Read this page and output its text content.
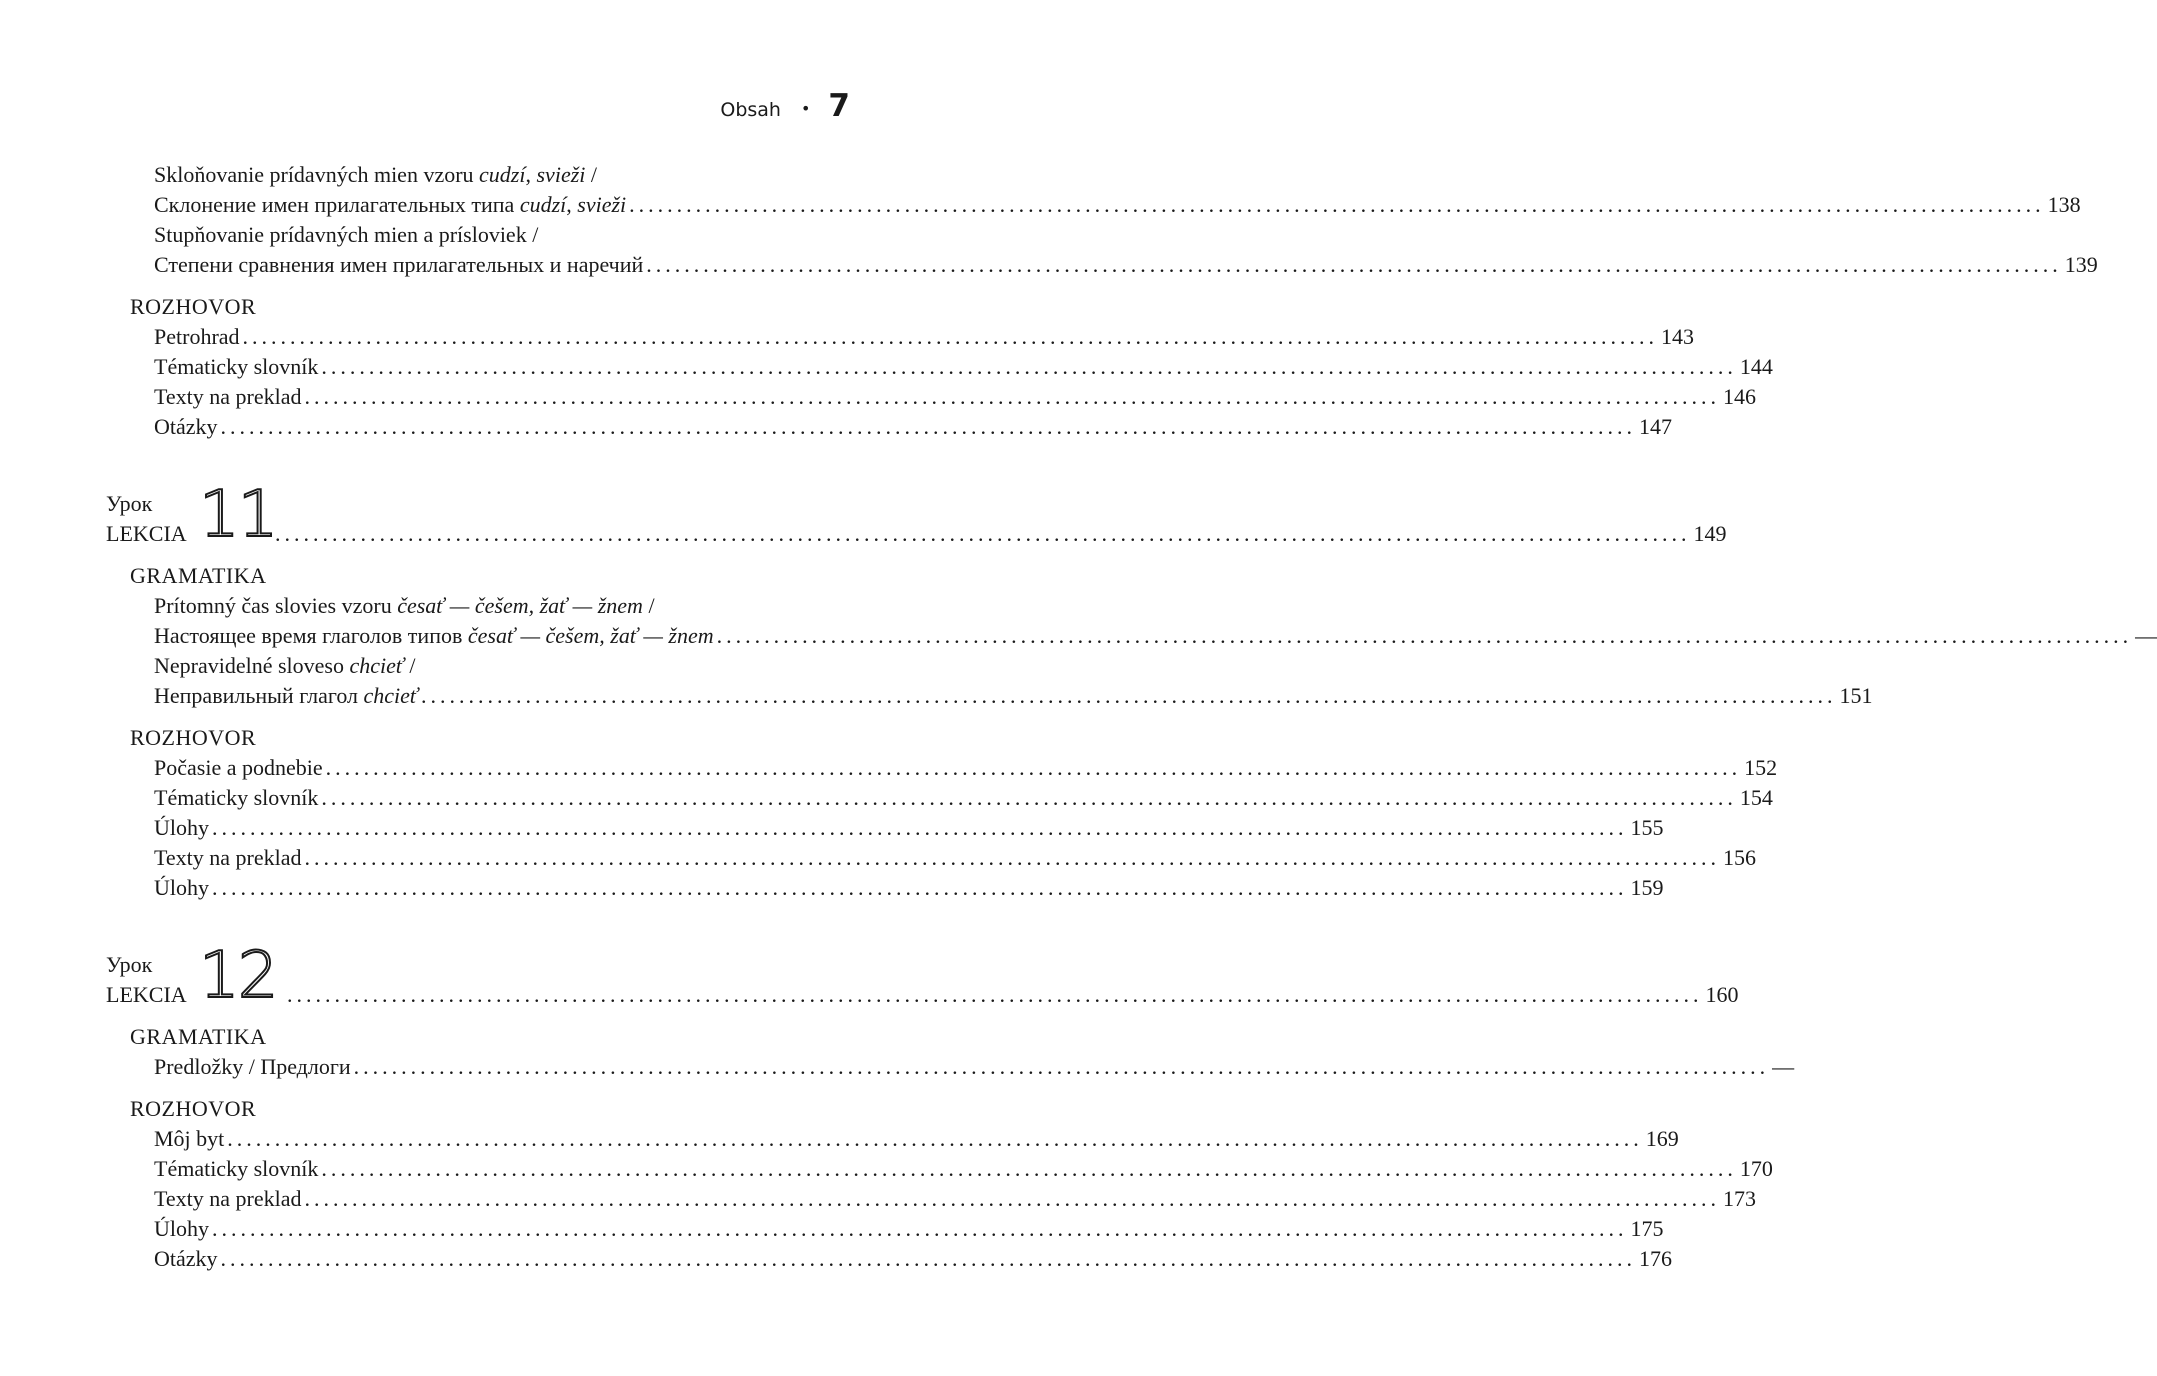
Obsah • 7
Skloňovanie prídavných mien vzoru cudzí, svieži /
Склонение имен прилагательных типа cudzí, svieži ..................................................................................................................................................... 138
Stupňovanie prídavných mien a prísloviek /
Степени сравнения имен прилагательных и наречий ..................................................................................................................................................... 139
ROZHOVOR
Petrohrad ..................................................................................................................................................... 143
Tématicky slovník ..................................................................................................................................................... 144
Texty na preklad ..................................................................................................................................................... 146
Otázky ..................................................................................................................................................... 147
Урок
LEKCIA 11
..................................................................................................................................................... 149
GRAMATIKA
Prítomný čas slovies vzoru česať — češem, žať — žnem /
Настоящее время глаголов типов česať — češem, žať — žnem ..................................................................................................................................................... —
Nepravidelné sloveso chcieť /
Неправильный глагол chcieť ..................................................................................................................................................... 151
ROZHOVOR
Počasie a podnebie ..................................................................................................................................................... 152
Tématicky slovník ..................................................................................................................................................... 154
Úlohy ..................................................................................................................................................... 155
Texty na preklad ..................................................................................................................................................... 156
Úlohy ..................................................................................................................................................... 159
Урок
LEKCIA 12 ..................................................................................................................................................... 160
GRAMATIKA
Predložky / Предлоги ..................................................................................................................................................... —
ROZHOVOR
Môj byt ..................................................................................................................................................... 169
Tématicky slovník ..................................................................................................................................................... 170
Texty na preklad ..................................................................................................................................................... 173
Úlohy ..................................................................................................................................................... 175
Otázky ..................................................................................................................................................... 176
